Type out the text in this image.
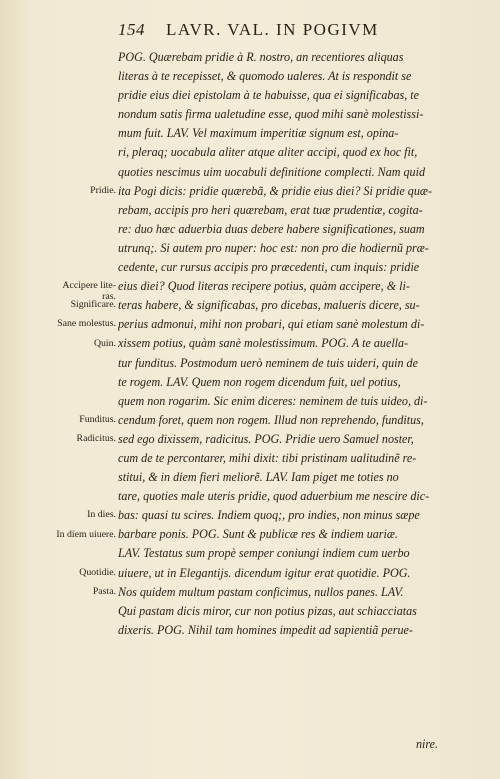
154 LAVR. VAL. IN POGIVM
Pridie.
Accipere lite-
ras.
Significare.
Sane molestus.
Quin.
Funditus.
Radicitus.
In dies.
In diem uiuere.
Quotidie.
Pasta.
POG. Quærebam pridie à R. nostro, an recentiores aliquas
literas à te recepisset, & quomodo ualeres. At is respondit se
pridie eius diei epistolam à te habuisse, qua ei significabas, te
nondum satis firma ualetudine esse, quod mihi sanè molestissi-
mum fuit. LAV. Vel maximum imperitiæ signum est, opina-
ri, pleraq; uocabula aliter atque aliter accipi, quod ex hoc fit,
quoties nescimus uim uocabuli definitione complecti. Nam quid
ita Pogi dicis: pridie quærebã, & pridie eius diei? Si pridie quæ-
rebam, accipis pro heri quærebam, erat tuæ prudentiæ, cogita-
re: duo hæc aduerbia duas debere habere significationes, suam
utrunq;. Si autem pro nuper: hoc est: non pro die hodiernũ præ-
cedente, cur rursus accipis pro præcedenti, cum inquis: pridie
eius diei? Quod literas recipere potius, quàm accipere, & li-
teras habere, & significabas, pro dicebas, malueris dicere, su-
perius admonui, mihi non probari, qui etiam sanè molestum di-
xissem potius, quàm sanè molestissimum. POG. A te auella-
tur funditus. Postmodum uerò neminem de tuis uideri, quin de
te rogem. LAV. Quem non rogem dicendum fuit, uel potius,
quem non rogarim. Sic enim diceres: neminem de tuis uideo, di-
cendum foret, quem non rogem. Illud non reprehendo, funditus,
sed ego dixissem, radicitus. POG. Pridie uero Samuel noster,
cum de te percontarer, mihi dixit: tibi pristinam ualitudinẽ re-
stitui, & in diem fieri meliorẽ. LAV. Iam piget me toties no
tare, quoties male uteris pridie, quod aduerbium me nescire dic-
bas: quasi tu scires. Indiem quoq;, pro indies, non minus sæpe
barbare ponis. POG. Sunt & publicæ res & indiem uariæ.
LAV. Testatus sum propè semper coniungi indiem cum uerbo
uiuere, ut in Elegantijs. dicendum igitur erat quotidie. POG.
Nos quidem multum pastam conficimus, nullos panes. LAV.
Qui pastam dicis miror, cur non potius pizas, aut schiacciatas
dixeris. POG. Nihil tam homines impedit ad sapientiã perue-
nire.
